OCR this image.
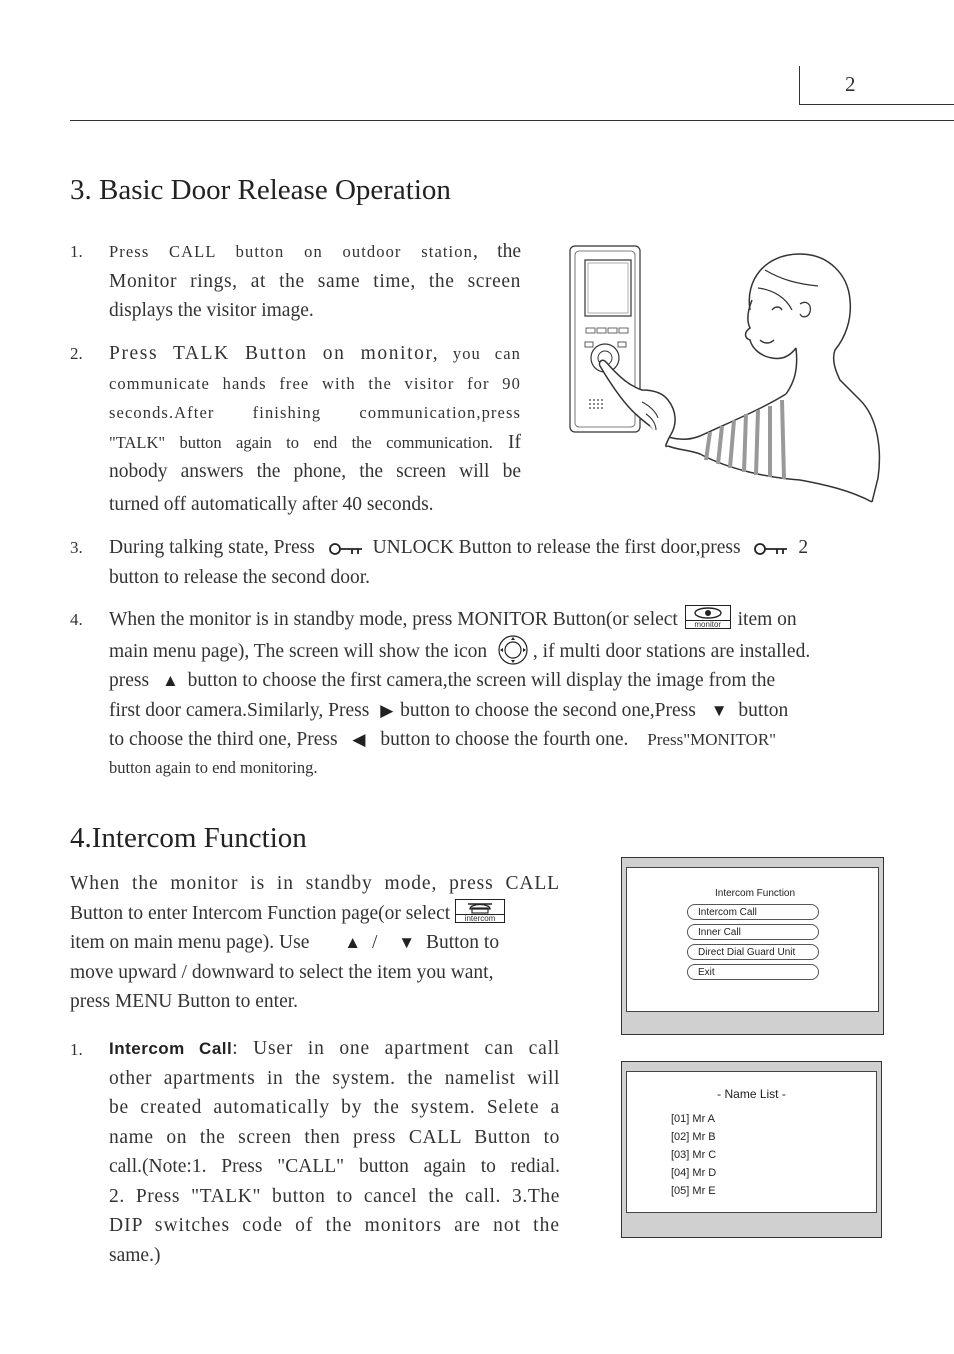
2
3. Basic Door Release Operation
1. Press CALL button on outdoor station, the
Monitor rings, at the same time, the screen
displays the visitor image.
2. Press TALK Button on monitor, you can
communicate hands free with the visitor for 90
seconds.After finishing communication,press
"TALK" button again to end the communication. If
nobody answers the phone, the screen will be
turned off automatically after 40 seconds.
3. During talking state, Press	UNLOCK Button to release the first door,press	2
button to release the second door.
4. When the monitor is in standby mode, press MONITOR Button(or select	monitor item on
main menu page), The screen will show the icon , if multi door stations are installed.
press ▲ button to choose the first camera,the screen will display the image from the
first door camera.Similarly, Press ▶ button to choose the second one,Press ▼ button
to choose the third one, Press ◀ button to choose the fourth one. Press"MONITOR"
button again to end monitoring.
4.Intercom Function
When the monitor is in standby mode, press CALL
Button to enter Intercom Function page(or select	intercom
item on main menu page). Use ▲ / ▼ Button to
move upward / downward to select the item you want,
press MENU Button to enter.
1. Intercom Call: User in one apartment can call
other apartments in the system. the namelist will
be created automatically by the system. Selete a
name on the screen then press CALL Button to
call.(Note:1. Press "CALL" button again to redial.
2. Press "TALK" button to cancel the call. 3.The
DIP switches code of the monitors are not the
same.)
Intercom Function
Intercom Call
Inner Call
Direct Dial Guard Unit
Exit
- Name List -
[01] Mr A
[02] Mr B
[03] Mr C
[04] Mr D
[05] Mr E
